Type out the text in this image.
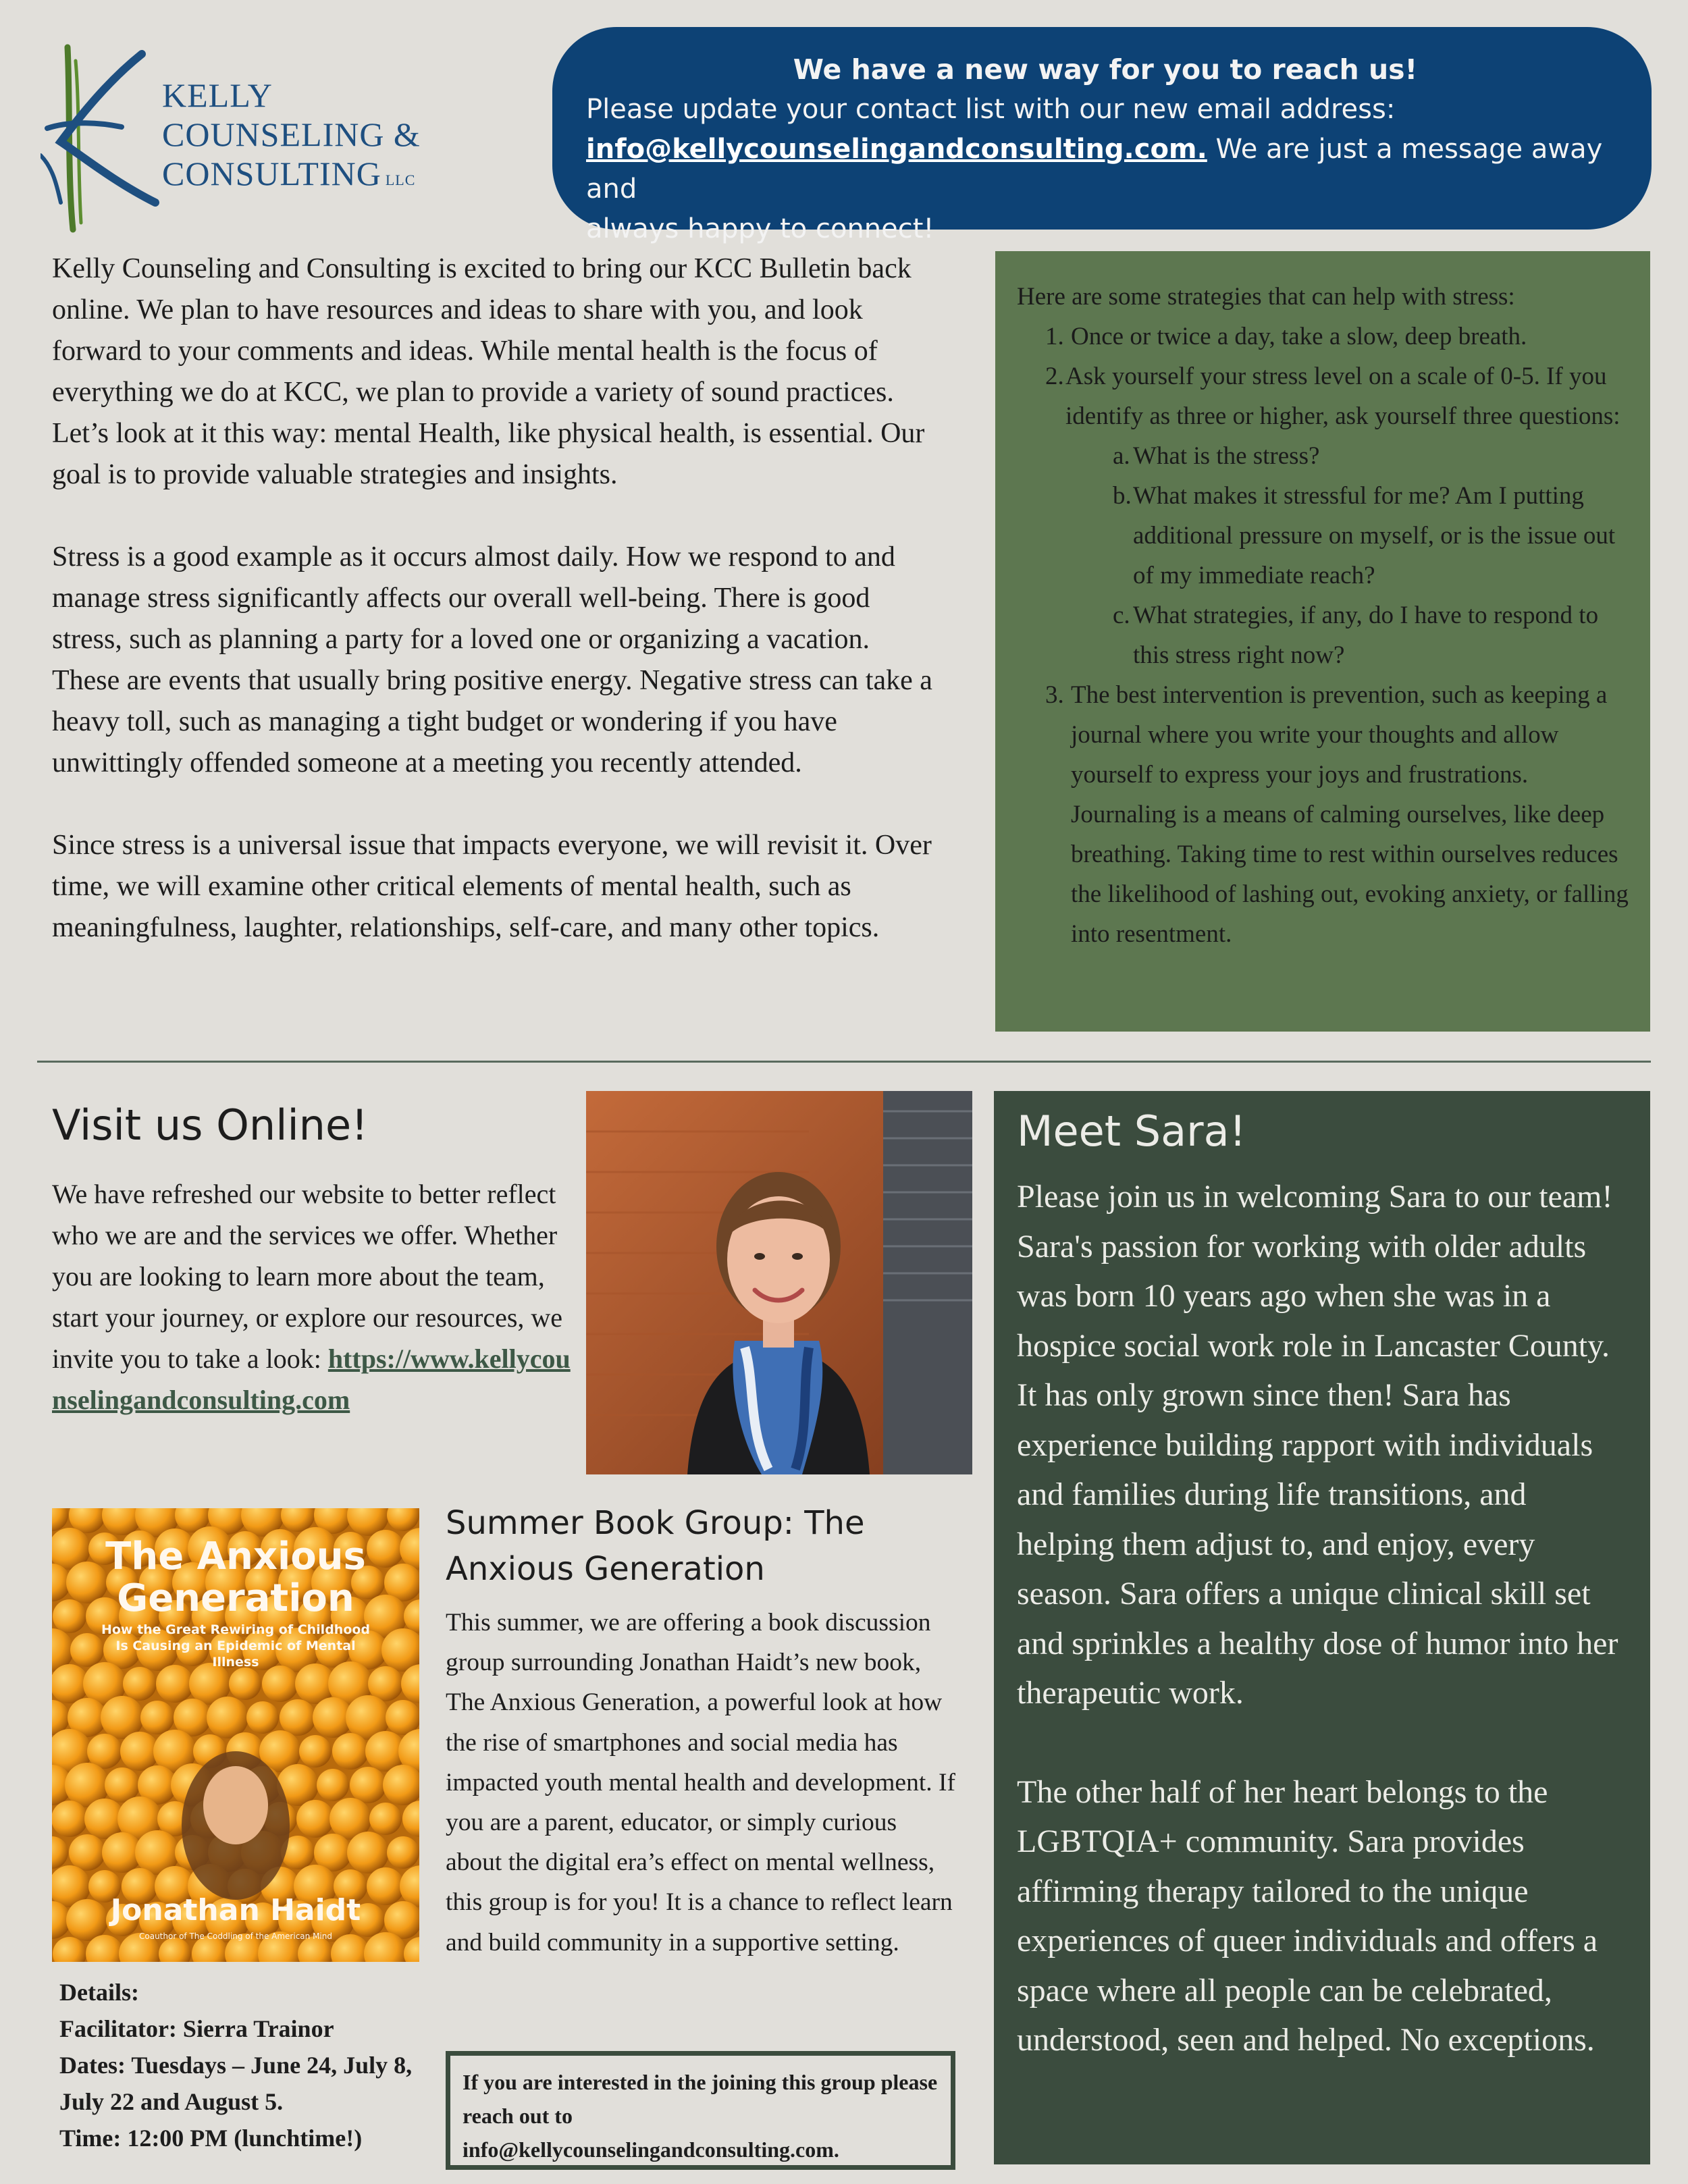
KELLY
COUNSELING &
CONSULTING LLC
We have a new way for you to reach us!
Please update your contact list with our new email address:
info@kellycounselingandconsulting.com. We are just a message away and
always happy to connect!

Kelly Counseling and Consulting is excited to bring our KCC Bulletin back online. We plan to have resources and ideas to share with you, and look forward to your comments and ideas. While mental health is the focus of everything we do at KCC, we plan to provide a variety of sound practices. Let’s look at it this way: mental Health, like physical health, is essential. Our goal is to provide valuable strategies and insights.

Stress is a good example as it occurs almost daily. How we respond to and manage stress significantly affects our overall well-being. There is good stress, such as planning a party for a loved one or organizing a vacation. These are events that usually bring positive energy. Negative stress can take a heavy toll, such as managing a tight budget or wondering if you have unwittingly offended someone at a meeting you recently attended.

Since stress is a universal issue that impacts everyone, we will revisit it. Over time, we will examine other critical elements of mental health, such as meaningfulness, laughter, relationships, self-care, and many other topics.

Here are some strategies that can help with stress:
1. Once or twice a day, take a slow, deep breath.
2. Ask yourself your stress level on a scale of 0-5. If you identify as three or higher, ask yourself three questions:
a. What is the stress?
b. What makes it stressful for me? Am I putting additional pressure on myself, or is the issue out of my immediate reach?
c. What strategies, if any, do I have to respond to this stress right now?
3. The best intervention is prevention, such as keeping a journal where you write your thoughts and allow yourself to express your joys and frustrations. Journaling is a means of calming ourselves, like deep breathing. Taking time to rest within ourselves reduces the likelihood of lashing out, evoking anxiety, or falling into resentment.
Visit us Online!
We have refreshed our website to better reflect who we are and the services we offer. Whether you are looking to learn more about the team, start your journey, or explore our resources, we invite you to take a look: https://www.kellycounselingandconsulting.com
Meet Sara!

Please join us in welcoming Sara to our team! Sara's passion for working with older adults was born 10 years ago when she was in a hospice social work role in Lancaster County. It has only grown since then! Sara has experience building rapport with individuals and families during life transitions, and helping them adjust to, and enjoy, every season. Sara offers a unique clinical skill set and sprinkles a healthy dose of humor into her therapeutic work.

The other half of her heart belongs to the LGBTQIA+ community. Sara provides affirming therapy tailored to the unique experiences of queer individuals and offers a space where all people can be celebrated, understood, seen and helped. No exceptions.

The Anxious
Generation
How the Great Rewiring of Childhood Is Causing an Epidemic of Mental Illness
Jonathan Haidt
Coauthor of The Coddling of the American Mind
Summer Book Group: The Anxious Generation
This summer, we are offering a book discussion group surrounding Jonathan Haidt’s new book, The Anxious Generation, a powerful look at how the rise of smartphones and social media has impacted youth mental health and development. If you are a parent, educator, or simply curious about the digital era’s effect on mental wellness, this group is for you! It is a chance to reflect learn and build community in a supportive setting.
Details:
Facilitator: Sierra Trainor
Dates: Tuesdays – June 24, July 8, July 22 and August 5.
Time: 12:00 PM (lunchtime!)
If you are interested in the joining this group please reach out to info@kellycounselingandconsulting.com.
